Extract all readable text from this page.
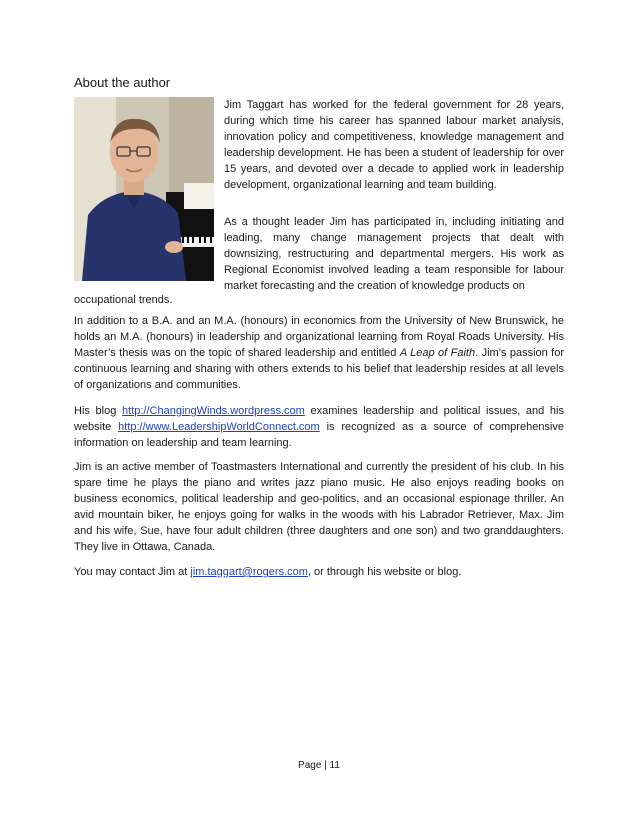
About the author

Jim Taggart has worked for the federal government for 28 years, during which time his career has spanned labour market analysis, innovation policy and competitiveness, knowledge management and leadership development. He has been a student of leadership for over 15 years, and devoted over a decade to applied work in leadership development, organizational learning and team building.

As a thought leader Jim has participated in, including initiating and leading, many change management projects that dealt with downsizing, restructuring and departmental mergers. His work as Regional Economist involved leading a team responsible for labour market forecasting and the creation of knowledge products on

occupational trends.

In addition to a B.A. and an M.A. (honours) in economics from the University of New Brunswick, he holds an M.A. (honours) in leadership and organizational learning from Royal Roads University. His Master’s thesis was on the topic of shared leadership and entitled A Leap of Faith. Jim’s passion for continuous learning and sharing with others extends to his belief that leadership resides at all levels of organizations and communities.

His blog http://ChangingWinds.wordpress.com examines leadership and political issues, and his website http://www.LeadershipWorldConnect.com is recognized as a source of comprehensive information on leadership and team learning.

Jim is an active member of Toastmasters International and currently the president of his club. In his spare time he plays the piano and writes jazz piano music. He also enjoys reading books on business economics, political leadership and geo-politics, and an occasional espionage thriller. An avid mountain biker, he enjoys going for walks in the woods with his Labrador Retriever, Max. Jim and his wife, Sue, have four adult children (three daughters and one son) and two granddaughters. They live in Ottawa, Canada.

You may contact Jim at jim.taggart@rogers.com, or through his website or blog.

Page | 11
